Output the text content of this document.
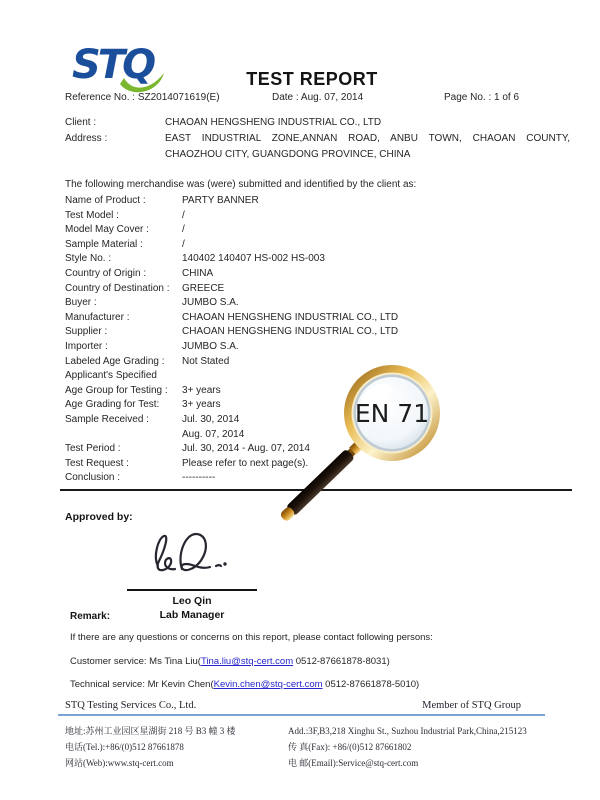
STQ	TEST REPORT
Reference No. : SZ2014071619(E)	Date : Aug. 07, 2014	Page No. : 1 of 6
Client :	CHAOAN HENGSHENG INDUSTRIAL CO., LTD
Address :	EAST INDUSTRIAL ZONE,ANNAN ROAD, ANBU TOWN, CHAOAN COUNTY, CHAOZHOU CITY, GUANGDONG PROVINCE, CHINA
The following merchandise was (were) submitted and identified by the client as:
Name of Product :	PARTY BANNER
Test Model :	/
Model May Cover :	/
Sample Material :	/
Style No. :	140402 140407 HS-002 HS-003
Country of Origin :	CHINA
Country of Destination :	GREECE
Buyer :	JUMBO S.A.
Manufacturer :	CHAOAN HENGSHENG INDUSTRIAL CO., LTD
Supplier :	CHAOAN HENGSHENG INDUSTRIAL CO., LTD
Importer :	JUMBO S.A.
Labeled Age Grading :	Not Stated
Applicant's Specified
Age Group for Testing :	3+ years
Age Grading for Test:	3+ years
Sample Received :	Jul. 30, 2014
Aug. 07, 2014
Test Period :	Jul. 30, 2014 - Aug. 07, 2014
Test Request :	Please refer to next page(s).
Conclusion :	----------
Approved by:
Leo Qin
Lab Manager
Remark:
If there are any questions or concerns on this report, please contact following persons:
Customer service: Ms Tina Liu(Tina.liu@stq-cert.com 0512-87661878-8031)
Technical service: Mr Kevin Chen(Kevin.chen@stq-cert.com 0512-87661878-5010)
STQ Testing Services Co., Ltd.	Member of STQ Group
地址:苏州工业园区星湖街 218 号 B3 幢 3 楼	Add.:3F,B3,218 Xinghu St., Suzhou Industrial Park,China,215123
电话(Tel.):+86/(0)512 87661878	传 真(Fax): +86/(0)512 87661802
网站(Web):www.stq-cert.com	电 邮(Email):Service@stq-cert.com
EN 71
